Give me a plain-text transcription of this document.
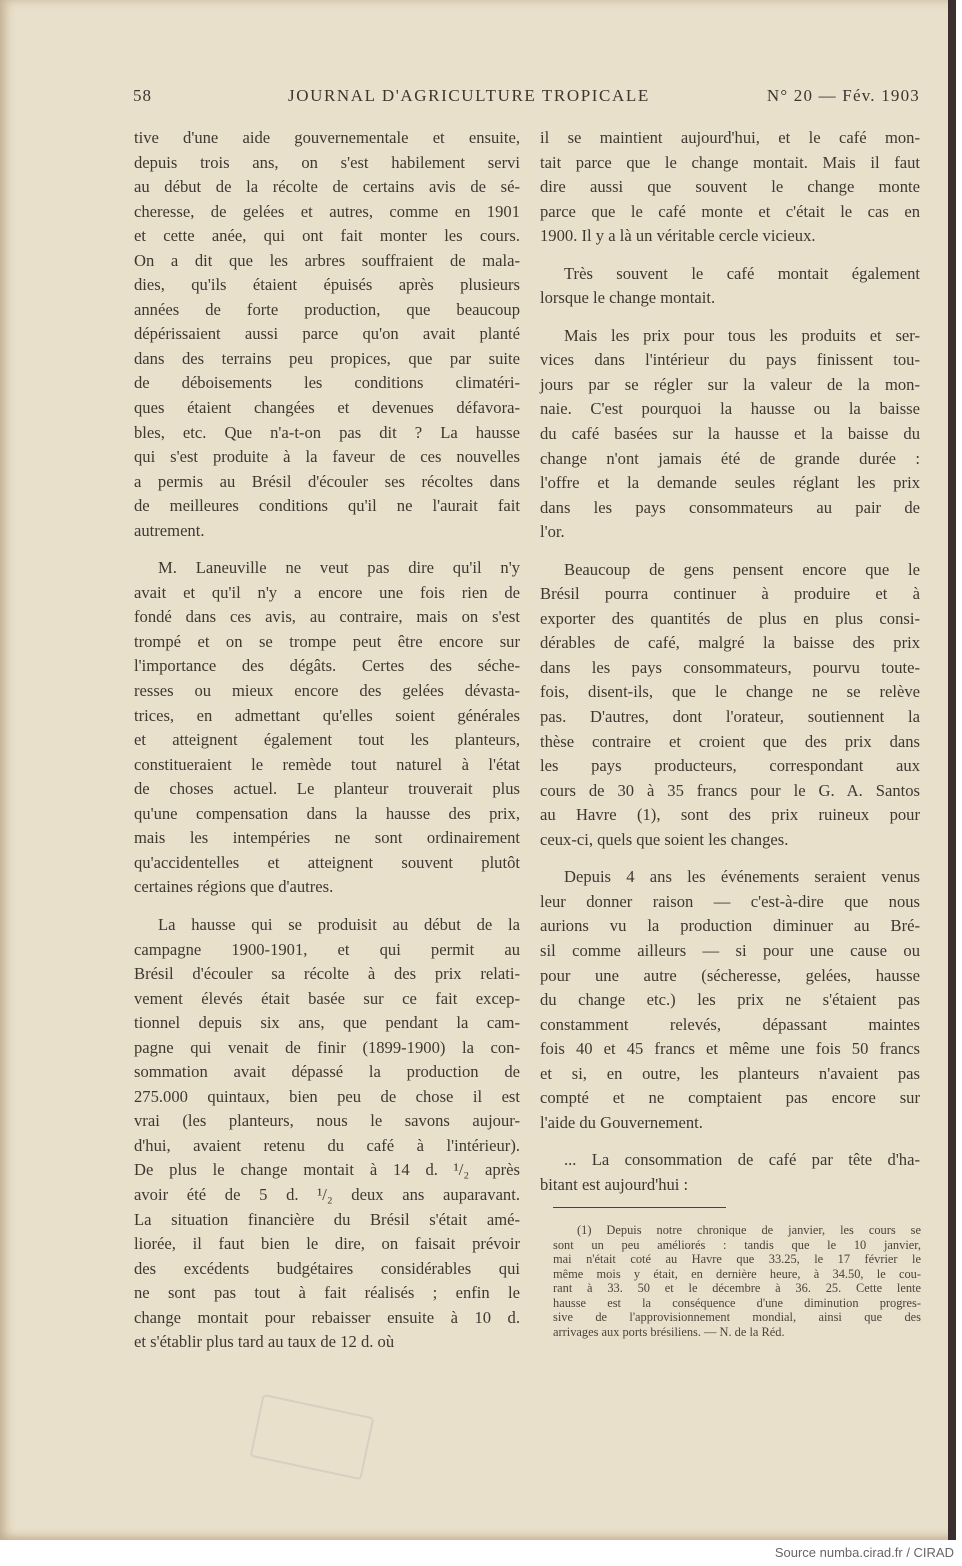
58	JOURNAL D'AGRICULTURE TROPICALE	N° 20 — Fév. 1903
tive d'une aide gouvernementale et ensuite,
depuis trois ans, on s'est habilement servi
au début de la récolte de certains avis de sé-
cheresse, de gelées et autres, comme en 1901
et cette anée, qui ont fait monter les cours.
On a dit que les arbres souffraient de mala-
dies, qu'ils étaient épuisés après plusieurs
années de forte production, que beaucoup
dépérissaient aussi parce qu'on avait planté
dans des terrains peu propices, que par suite
de déboisements les conditions climatéri-
ques étaient changées et devenues défavora-
bles, etc. Que n'a-t-on pas dit ? La hausse
qui s'est produite à la faveur de ces nouvelles
a permis au Brésil d'écouler ses récoltes dans
de meilleures conditions qu'il ne l'aurait fait
autrement.
M. Laneuville ne veut pas dire qu'il n'y
avait et qu'il n'y a encore une fois rien de
fondé dans ces avis, au contraire, mais on s'est
trompé et on se trompe peut être encore sur
l'importance des dégâts. Certes des séche-
resses ou mieux encore des gelées dévasta-
trices, en admettant qu'elles soient générales
et atteignent également tout les planteurs,
constitueraient le remède tout naturel à l'état
de choses actuel. Le planteur trouverait plus
qu'une compensation dans la hausse des prix,
mais les intempéries ne sont ordinairement
qu'accidentelles et atteignent souvent plutôt
certaines régions que d'autres.
La hausse qui se produisit au début de la
campagne 1900-1901, et qui permit au
Brésil d'écouler sa récolte à des prix relati-
vement élevés était basée sur ce fait excep-
tionnel depuis six ans, que pendant la cam-
pagne qui venait de finir (1899-1900) la con-
sommation avait dépassé la production de
275.000 quintaux, bien peu de chose il est
vrai (les planteurs, nous le savons aujour-
d'hui, avaient retenu du café à l'intérieur).
De plus le change montait à 14 d. ¹/₂ après
avoir été de 5 d. ¹/₂ deux ans auparavant.
La situation financière du Brésil s'était amé-
liorée, il faut bien le dire, on faisait prévoir
des excédents budgétaires considérables qui
ne sont pas tout à fait réalisés ; enfin le
change montait pour rebaisser ensuite à 10 d.
et s'établir plus tard au taux de 12 d. où
il se maintient aujourd'hui, et le café mon-
tait parce que le change montait. Mais il faut
dire aussi que souvent le change monte
parce que le café monte et c'était le cas en
1900. Il y a là un véritable cercle vicieux.
Très souvent le café montait également
lorsque le change montait.
Mais les prix pour tous les produits et ser-
vices dans l'intérieur du pays finissent tou-
jours par se régler sur la valeur de la mon-
naie. C'est pourquoi la hausse ou la baisse
du café basées sur la hausse et la baisse du
change n'ont jamais été de grande durée :
l'offre et la demande seules réglant les prix
dans les pays consommateurs au pair de
l'or.
Beaucoup de gens pensent encore que le
Brésil pourra continuer à produire et à
exporter des quantités de plus en plus consi-
dérables de café, malgré la baisse des prix
dans les pays consommateurs, pourvu toute-
fois, disent-ils, que le change ne se relève
pas. D'autres, dont l'orateur, soutiennent la
thèse contraire et croient que des prix dans
les pays producteurs, correspondant aux
cours de 30 à 35 francs pour le G. A. Santos
au Havre (1), sont des prix ruineux pour
ceux-ci, quels que soient les changes.
Depuis 4 ans les événements seraient venus
leur donner raison — c'est-à-dire que nous
aurions vu la production diminuer au Bré-
sil comme ailleurs — si pour une cause ou
pour une autre (sécheresse, gelées, hausse
du change etc.) les prix ne s'étaient pas
constamment relevés, dépassant maintes
fois 40 et 45 francs et même une fois 50 francs
et si, en outre, les planteurs n'avaient pas
compté et ne comptaient pas encore sur
l'aide du Gouvernement.
... La consommation de café par tête d'ha-
bitant est aujourd'hui :
(1) Depuis notre chronique de janvier, les cours se
sont un peu améliorés : tandis que le 10 janvier,
mai n'était coté au Havre que 33.25, le 17 février le
même mois y était, en dernière heure, à 34.50, le cou-
rant à 33. 50 et le décembre à 36. 25. Cette lente
hausse est la conséquence d'une diminution progres-
sive de l'approvisionnement mondial, ainsi que des
arrivages aux ports brésiliens. — N. de la Réd.
Source numba.cirad.fr / CIRAD
